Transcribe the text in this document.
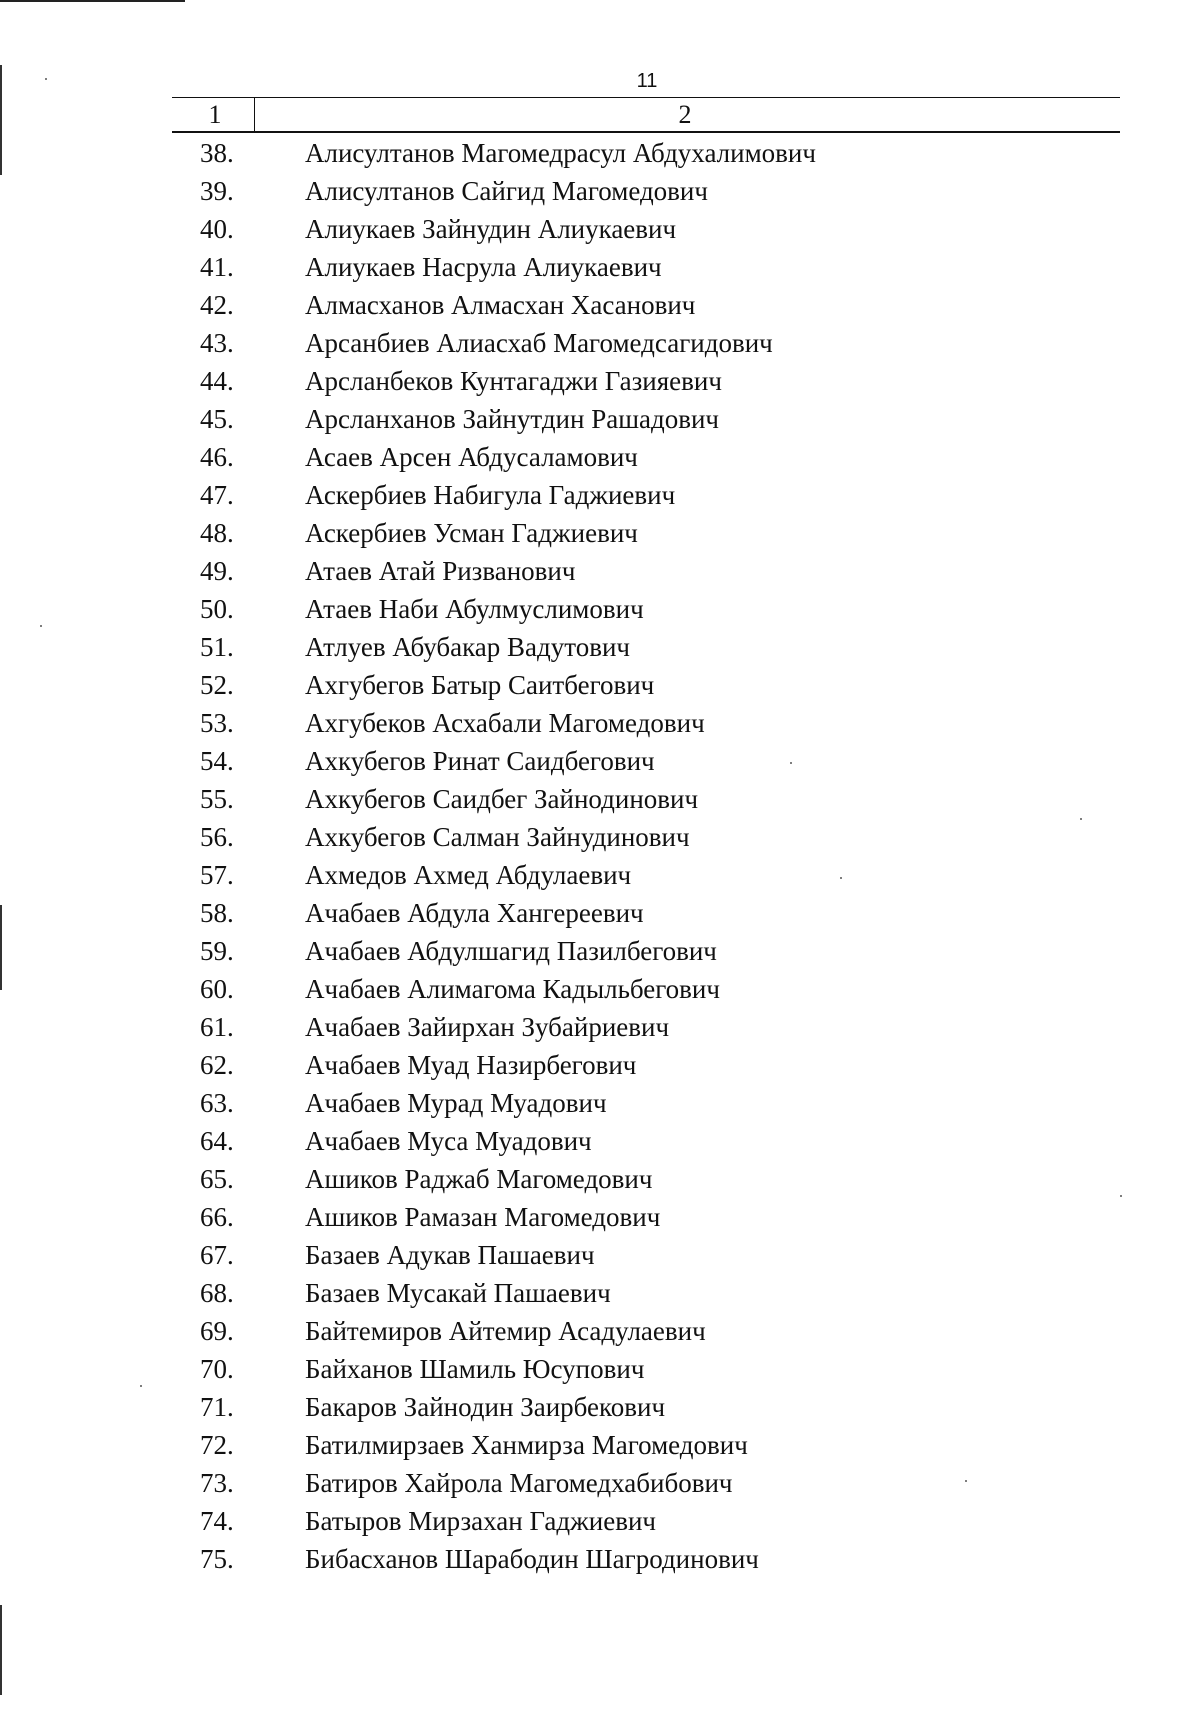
11
1	2
38.	Алисултанов Магомедрасул Абдухалимович
39.	Алисултанов Сайгид Магомедович
40.	Алиукаев Зайнудин Алиукаевич
41.	Алиукаев Насрула Алиукаевич
42.	Алмасханов Алмасхан Хасанович
43.	Арсанбиев Алиасхаб Магомедсагидович
44.	Арсланбеков Кунтагаджи Газияевич
45.	Арсланханов Зайнутдин Рашадович
46.	Асаев Арсен Абдусаламович
47.	Аскербиев Набигула Гаджиевич
48.	Аскербиев Усман Гаджиевич
49.	Атаев Атай Ризванович
50.	Атаев Наби Абулмуслимович
51.	Атлуев Абубакар Вадутович
52.	Ахгубегов Батыр Саитбегович
53.	Ахгубеков Асхабали Магомедович
54.	Ахкубегов Ринат Саидбегович
55.	Ахкубегов Саидбег Зайнодинович
56.	Ахкубегов Салман Зайнудинович
57.	Ахмедов Ахмед Абдулаевич
58.	Ачабаев Абдула Хангереевич
59.	Ачабаев Абдулшагид Пазилбегович
60.	Ачабаев Алимагома Кадыльбегович
61.	Ачабаев Зайирхан Зубайриевич
62.	Ачабаев Муад Назирбегович
63.	Ачабаев Мурад Муадович
64.	Ачабаев Муса Муадович
65.	Ашиков Раджаб Магомедович
66.	Ашиков Рамазан Магомедович
67.	Базаев Адукав Пашаевич
68.	Базаев Мусакай Пашаевич
69.	Байтемиров Айтемир Асадулаевич
70.	Байханов Шамиль Юсупович
71.	Бакаров Зайнодин Заирбекович
72.	Батилмирзаев Ханмирза Магомедович
73.	Батиров Хайрола Магомедхабибович
74.	Батыров Мирзахан Гаджиевич
75.	Бибасханов Шарабодин Шагродинович
